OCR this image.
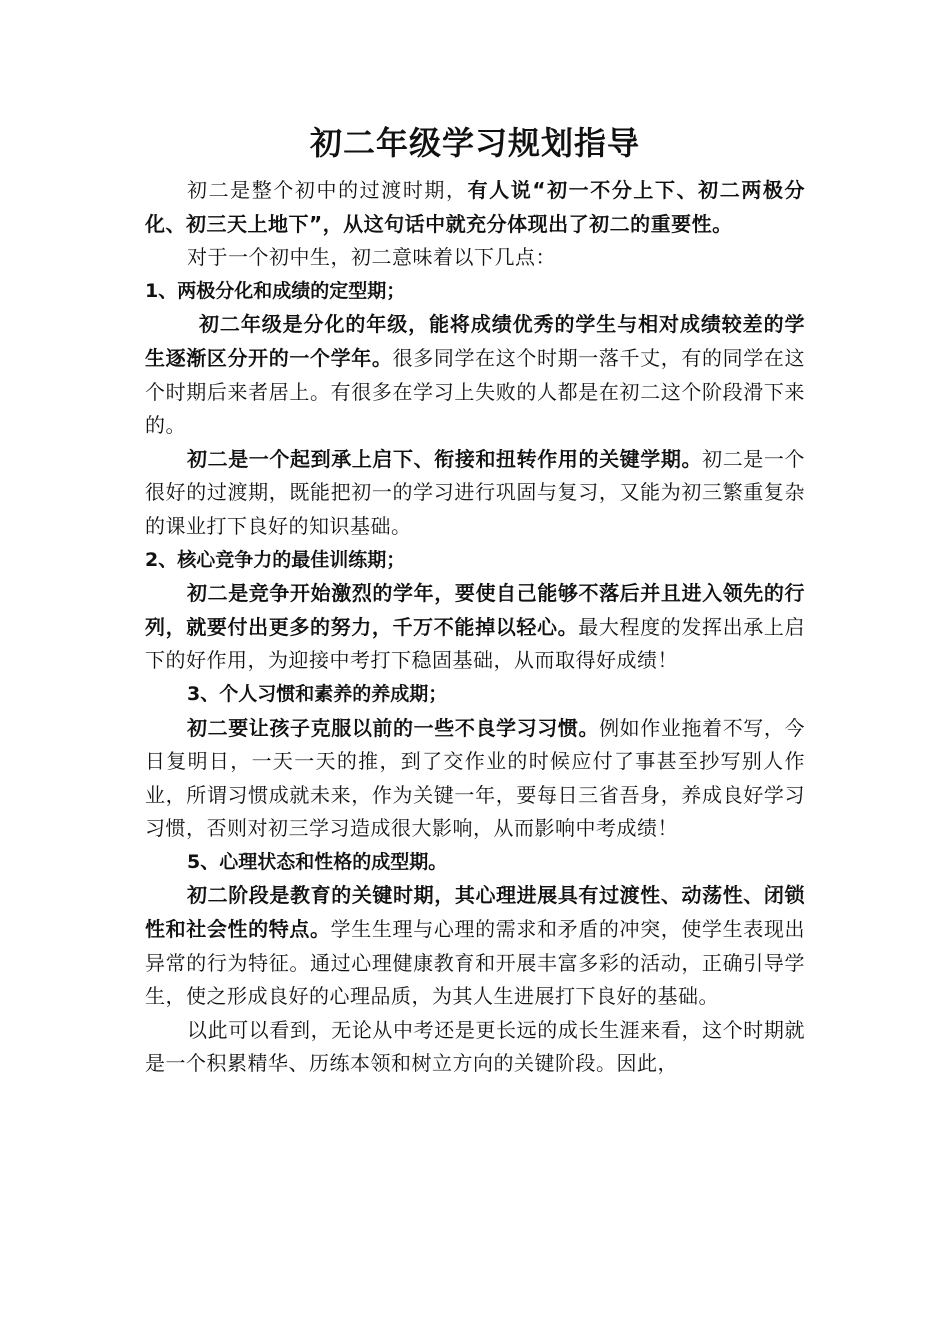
初二年级学习规划指导

初二是整个初中的过渡时期，有人说“初一不分上下、初二两极分化、初三天上地下”，从这句话中就充分体现出了初二的重要性。

对于一个初中生，初二意味着以下几点：

1、两极分化和成绩的定型期；

初二年级是分化的年级，能将成绩优秀的学生与相对成绩较差的学生逐渐区分开的一个学年。很多同学在这个时期一落千丈，有的同学在这个时期后来者居上。有很多在学习上失败的人都是在初二这个阶段滑下来的。

初二是一个起到承上启下、衔接和扭转作用的关键学期。初二是一个很好的过渡期，既能把初一的学习进行巩固与复习，又能为初三繁重复杂的课业打下良好的知识基础。

2、核心竞争力的最佳训练期；

初二是竞争开始激烈的学年，要使自己能够不落后并且进入领先的行列，就要付出更多的努力，千万不能掉以轻心。最大程度的发挥出承上启下的好作用，为迎接中考打下稳固基础，从而取得好成绩！

3、个人习惯和素养的养成期；

初二要让孩子克服以前的一些不良学习习惯。例如作业拖着不写，今日复明日，一天一天的推，到了交作业的时候应付了事甚至抄写别人作业，所谓习惯成就未来，作为关键一年，要每日三省吾身，养成良好学习习惯，否则对初三学习造成很大影响，从而影响中考成绩！

5、心理状态和性格的成型期。

初二阶段是教育的关键时期，其心理进展具有过渡性、动荡性、闭锁性和社会性的特点。学生生理与心理的需求和矛盾的冲突，使学生表现出异常的行为特征。通过心理健康教育和开展丰富多彩的活动，正确引导学生，使之形成良好的心理品质，为其人生进展打下良好的基础。

以此可以看到，无论从中考还是更长远的成长生涯来看，这个时期就是一个积累精华、历练本领和树立方向的关键阶段。因此，
